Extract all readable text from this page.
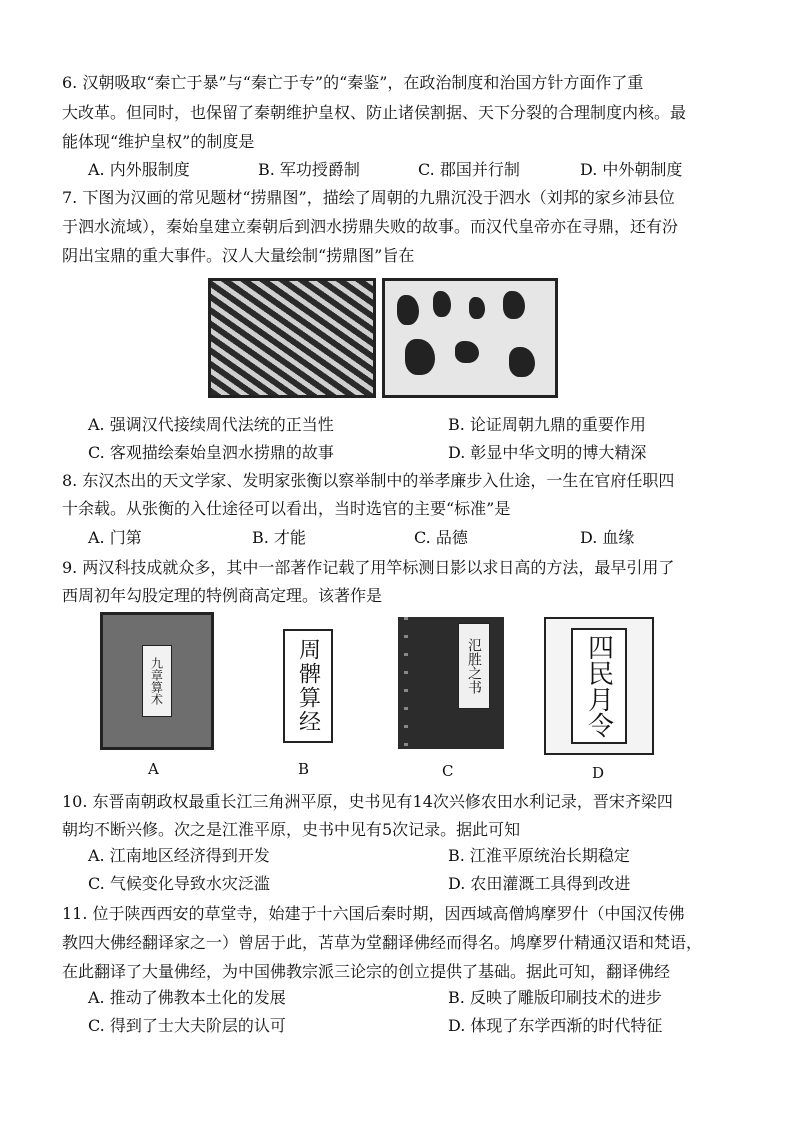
6. 汉朝吸取“秦亡于暴”与“秦亡于专”的“秦鉴”，在政治制度和治国方针方面作了重
大改革。但同时，也保留了秦朝维护皇权、防止诸侯割据、天下分裂的合理制度内核。最
能体现“维护皇权”的制度是
A. 内外服制度	B. 军功授爵制	C. 郡国并行制	D. 中外朝制度
7. 下图为汉画的常见题材“捞鼎图”，描绘了周朝的九鼎沉没于泗水（刘邦的家乡沛县位
于泗水流域），秦始皇建立秦朝后到泗水捞鼎失败的故事。而汉代皇帝亦在寻鼎，还有汾
阴出宝鼎的重大事件。汉人大量绘制“捞鼎图”旨在
A. 强调汉代接续周代法统的正当性	B. 论证周朝九鼎的重要作用
C. 客观描绘秦始皇泗水捞鼎的故事	D. 彰显中华文明的博大精深
8. 东汉杰出的天文学家、发明家张衡以察举制中的举孝廉步入仕途，一生在官府任职四
十余载。从张衡的入仕途径可以看出，当时选官的主要“标准”是
A. 门第	B. 才能	C. 品德	D. 血缘
9. 两汉科技成就众多，其中一部著作记载了用竿标测日影以求日高的方法，最早引用了
西周初年勾股定理的特例商高定理。该著作是
九章算术	周髀算经	氾胜之书	四民月令
A	B	C	D
10. 东晋南朝政权最重长江三角洲平原，史书见有14次兴修农田水利记录，晋宋齐梁四
朝均不断兴修。次之是江淮平原，史书中见有5次记录。据此可知
A. 江南地区经济得到开发	B. 江淮平原统治长期稳定
C. 气候变化导致水灾泛滥	D. 农田灌溉工具得到改进
11. 位于陕西西安的草堂寺，始建于十六国后秦时期，因西域高僧鸠摩罗什（中国汉传佛
教四大佛经翻译家之一）曾居于此，苫草为堂翻译佛经而得名。鸠摩罗什精通汉语和梵语，
在此翻译了大量佛经，为中国佛教宗派三论宗的创立提供了基础。据此可知，翻译佛经
A. 推动了佛教本土化的发展	B. 反映了雕版印刷技术的进步
C. 得到了士大夫阶层的认可	D. 体现了东学西渐的时代特征
